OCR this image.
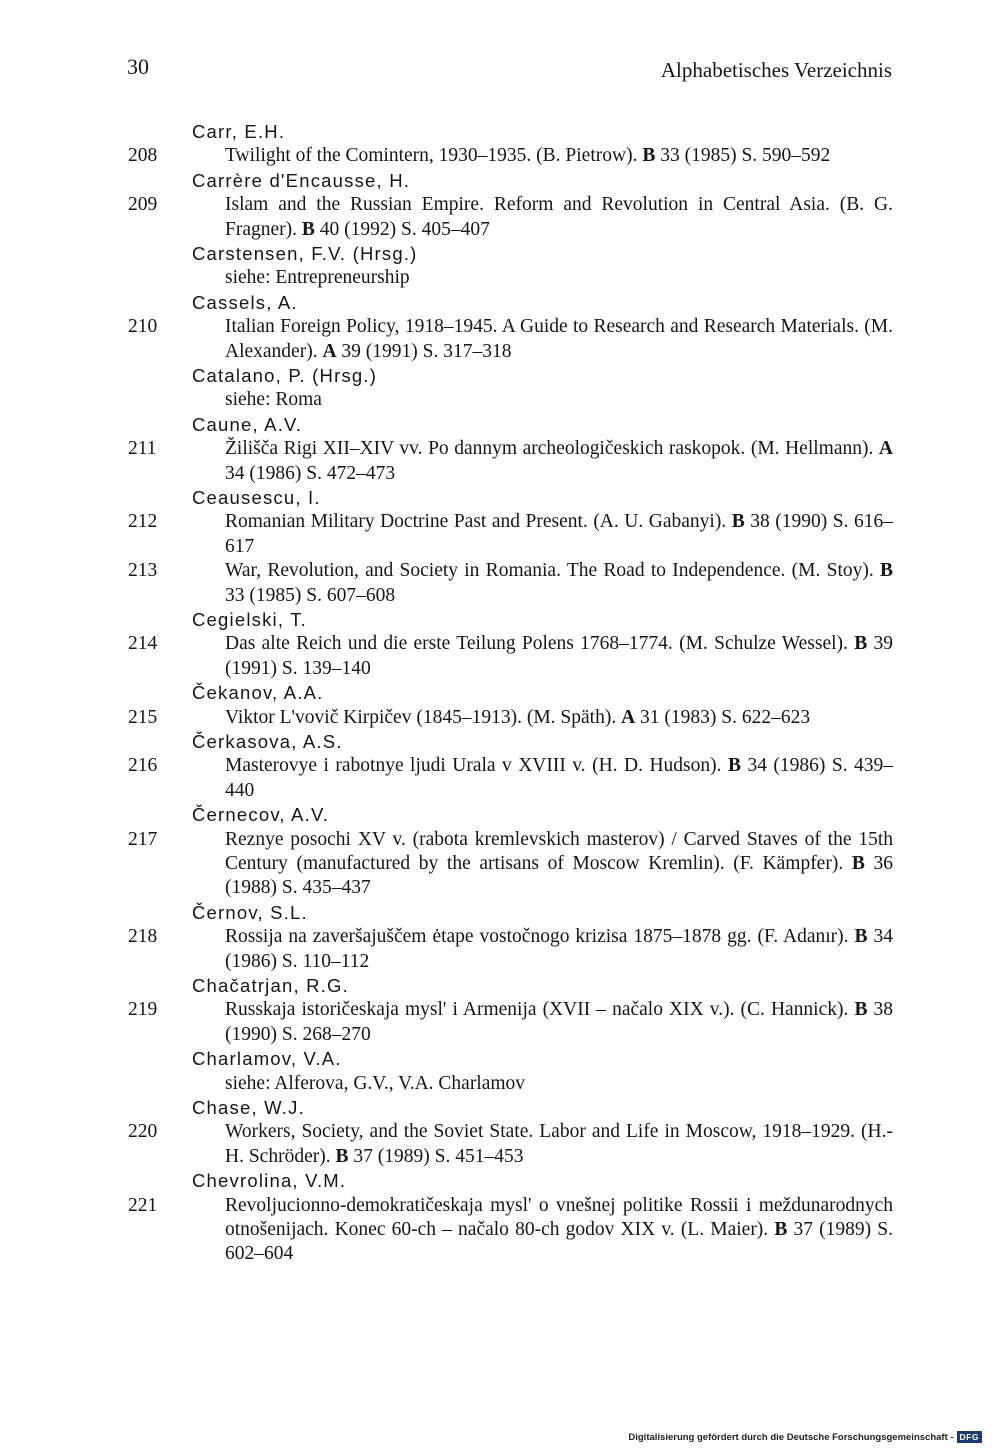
30	Alphabetisches Verzeichnis
Carr, E.H.
208	Twilight of the Comintern, 1930–1935. (B. Pietrow). B 33 (1985) S. 590–592
Carrère d'Encausse, H.
209	Islam and the Russian Empire. Reform and Revolution in Central Asia. (B. G. Fragner). B 40 (1992) S. 405–407
Carstensen, F.V. (Hrsg.)
siehe: Entrepreneurship
Cassels, A.
210	Italian Foreign Policy, 1918–1945. A Guide to Research and Research Materials. (M. Alexander). A 39 (1991) S. 317–318
Catalano, P. (Hrsg.)
siehe: Roma
Caune, A.V.
211	Žilišča Rigi XII–XIV vv. Po dannym archeologičeskich raskopok. (M. Hellmann). A 34 (1986) S. 472–473
Ceausescu, I.
212	Romanian Military Doctrine Past and Present. (A. U. Gabanyi). B 38 (1990) S. 616–617
213	War, Revolution, and Society in Romania. The Road to Independence. (M. Stoy). B 33 (1985) S. 607–608
Cegielski, T.
214	Das alte Reich und die erste Teilung Polens 1768–1774. (M. Schulze Wessel). B 39 (1991) S. 139–140
Čekanov, A.A.
215	Viktor L'vovič Kirpičev (1845–1913). (M. Späth). A 31 (1983) S. 622–623
Čerkasova, A.S.
216	Masterovye i rabotnye ljudi Urala v XVIII v. (H. D. Hudson). B 34 (1986) S. 439–440
Černecov, A.V.
217	Reznye posochi XV v. (rabota kremlevskich masterov) / Carved Staves of the 15th Century (manufactured by the artisans of Moscow Kremlin). (F. Kämpfer). B 36 (1988) S. 435–437
Černov, S.L.
218	Rossija na zaveršajuščem ėtape vostočnogo krizisa 1875–1878 gg. (F. Adanır). B 34 (1986) S. 110–112
Chačatrjan, R.G.
219	Russkaja istoričeskaja mysl' i Armenija (XVII – načalo XIX v.). (C. Hannick). B 38 (1990) S. 268–270
Charlamov, V.A.
siehe: Alferova, G.V., V.A. Charlamov
Chase, W.J.
220	Workers, Society, and the Soviet State. Labor and Life in Moscow, 1918–1929. (H.-H. Schröder). B 37 (1989) S. 451–453
Chevrolina, V.M.
221	Revoljucionno-demokratičeskaja mysl' o vnešnej politike Rossii i meždunarodnych otnošenijach. Konec 60-ch – načalo 80-ch godov XIX v. (L. Maier). B 37 (1989) S. 602–604
Digitalisierung gefördert durch die Deutsche Forschungsgemeinschaft - DFG
